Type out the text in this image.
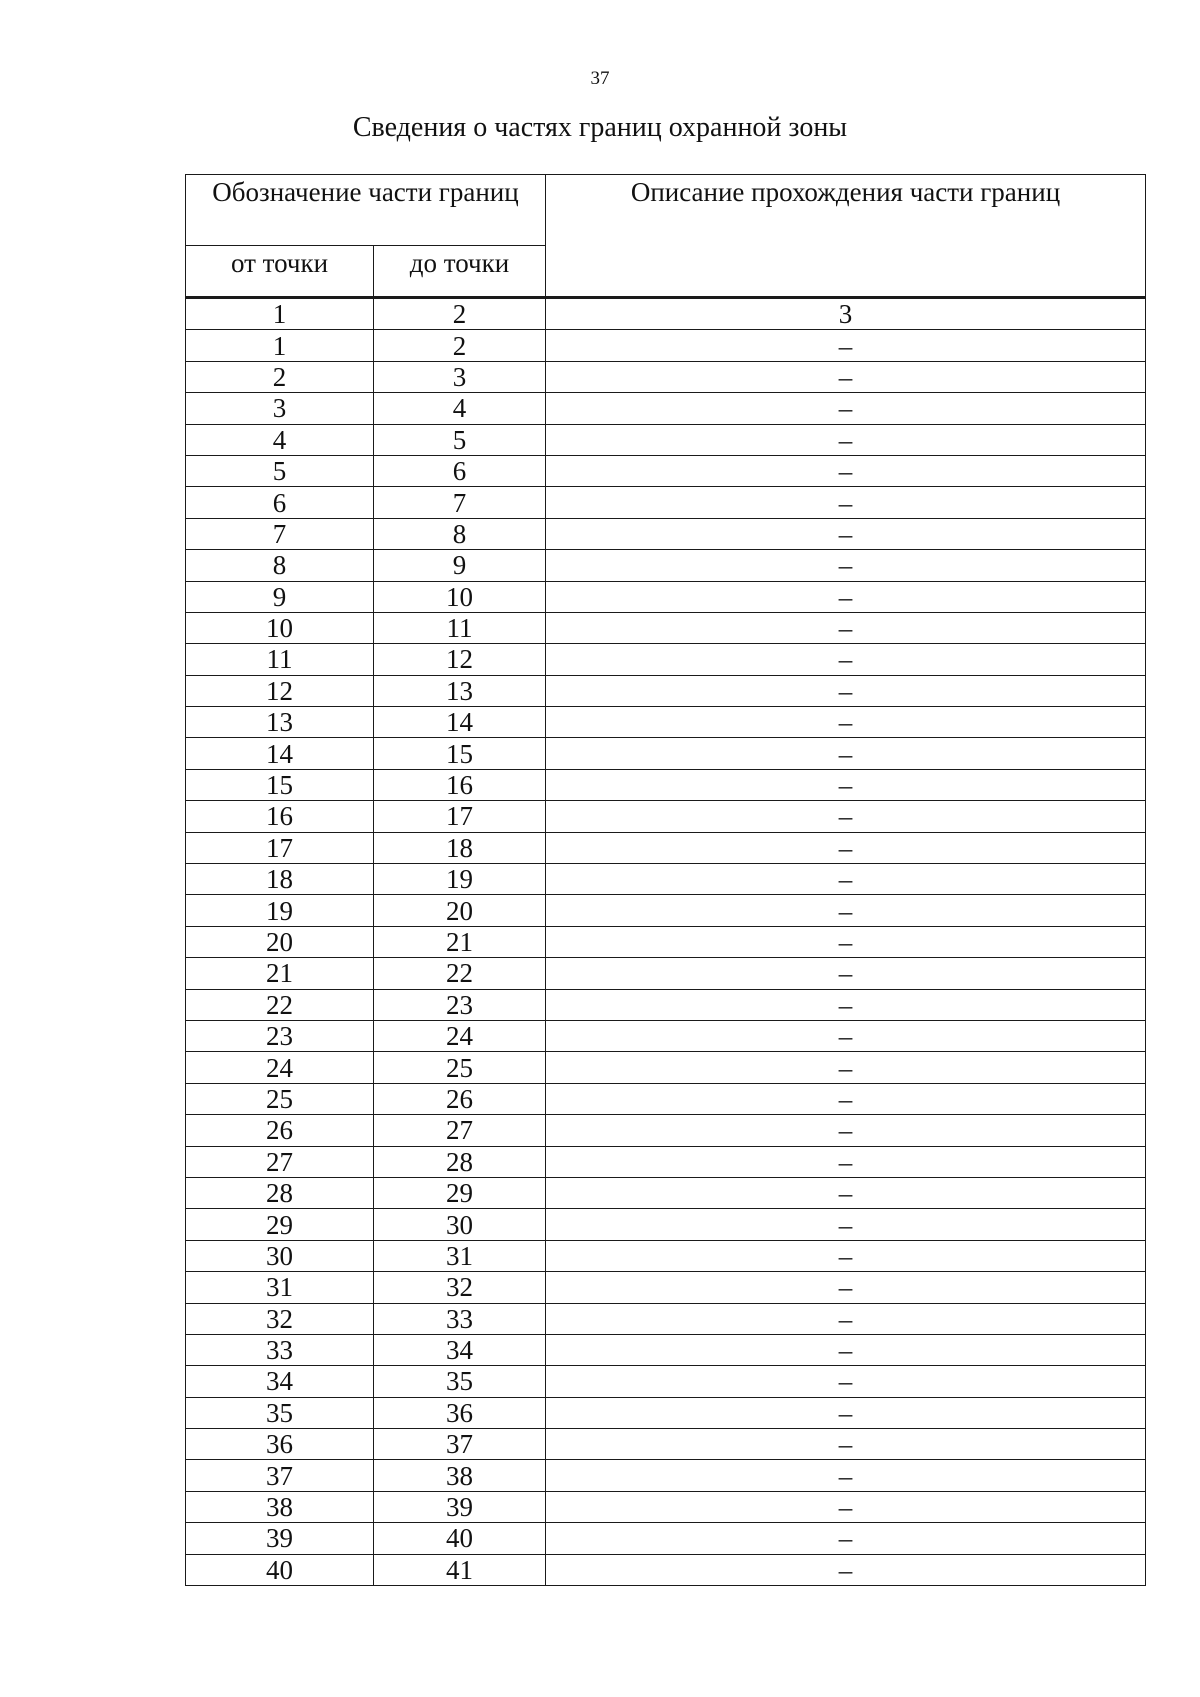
37
Сведения о частях границ охранной зоны
Обозначение части границ		Описание прохождения части границ
от точки	до точки	
1	2	3
1	2	–
2	3	–
3	4	–
4	5	–
5	6	–
6	7	–
7	8	–
8	9	–
9	10	–
10	11	–
11	12	–
12	13	–
13	14	–
14	15	–
15	16	–
16	17	–
17	18	–
18	19	–
19	20	–
20	21	–
21	22	–
22	23	–
23	24	–
24	25	–
25	26	–
26	27	–
27	28	–
28	29	–
29	30	–
30	31	–
31	32	–
32	33	–
33	34	–
34	35	–
35	36	–
36	37	–
37	38	–
38	39	–
39	40	–
40	41	–
